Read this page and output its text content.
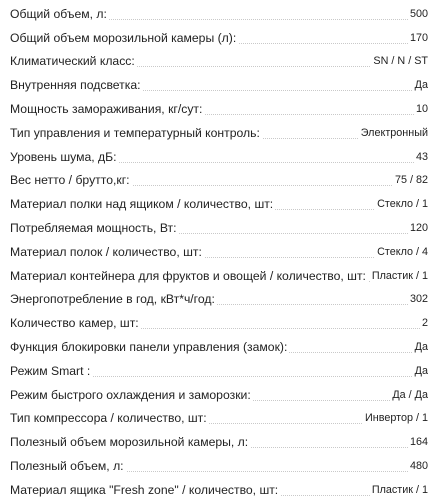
Общий объем, л:	500
Общий объем морозильной камеры (л):	170
Климатический класс:	SN / N / ST
Внутренняя подсветка:	Да
Мощность замораживания, кг/сут:	10
Тип управления и температурный контроль:	Электронный
Уровень шума, дБ:	43
Вес нетто / брутто,кг:	75 / 82
Материал полки над ящиком / количество, шт:	Стекло / 1
Потребляемая мощность, Вт:	120
Материал полок / количество, шт:	Стекло / 4
Материал контейнера для фруктов и овощей / количество, шт: Пластик / 1
Энергопотребление в год, кВт*ч/год:	302
Количество камер, шт:	2
Функция блокировки панели управления (замок):	Да
Режим Smart :	Да
Режим быстрого охлаждения и заморозки:	Да / Да
Тип компрессора / количество, шт:	Инвертор / 1
Полезный объем морозильной камеры, л:	164
Полезный объем, л:	480
Материал ящика "Fresh zone" / количество, шт:	Пластик / 1
